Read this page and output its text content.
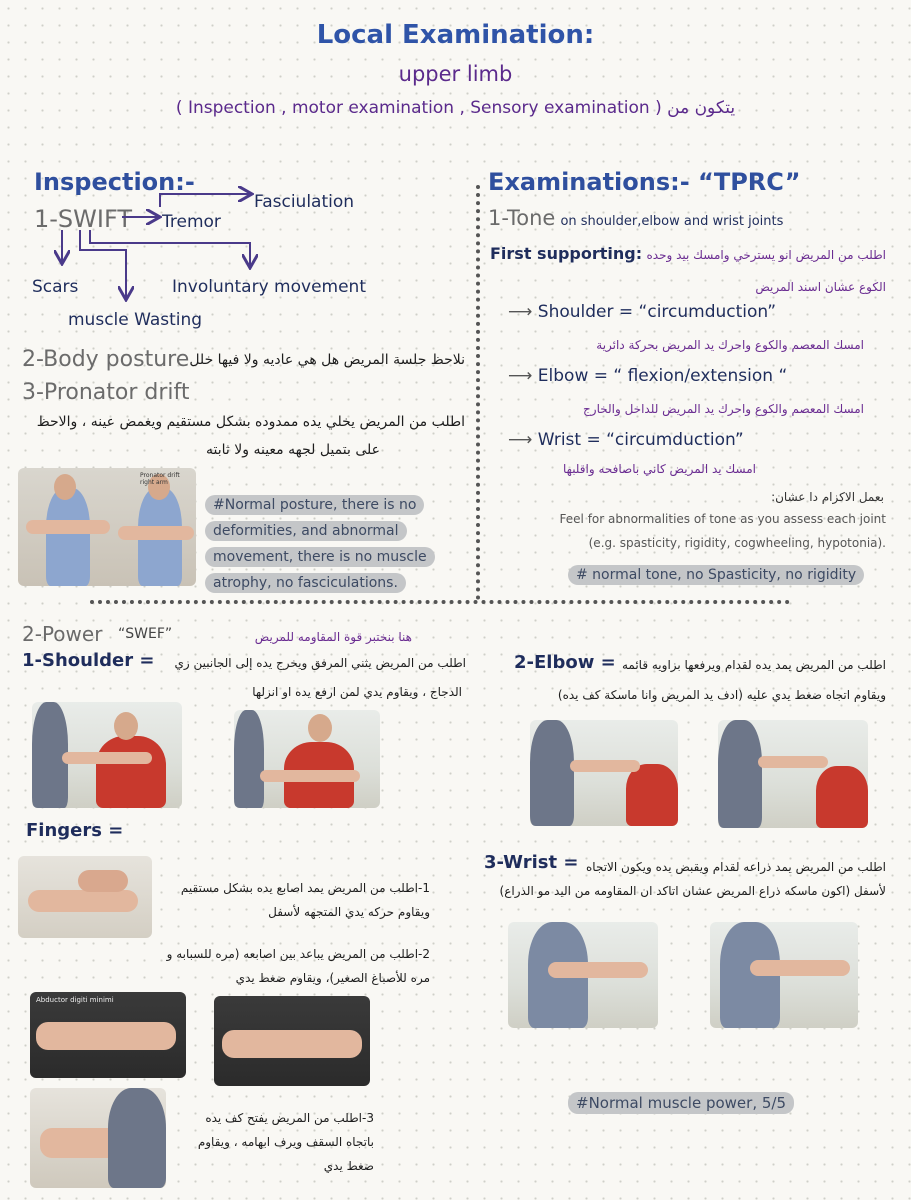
Local Examination:
upper limb
( Inspection , motor examination , Sensory examination ) يتكون من
Inspection:-
1-SWIFT
Fasciulation
Tremor
Scars	Involuntary movement
muscle Wasting
2-Body posture نلاحظ جلسة المريض هل هي عاديه ولا فيها خلل
3-Pronator drift
اطلب من المريض يخلي يده ممدوده بشكل مستقيم ويغمض عينه ، والاحظ
على بتميل لجهه معينه ولا ثابته
Pronator drift right arm
#Normal posture, there is no deformities, and abnormal movement, there is no muscle atrophy, no fasciculations.
Examinations:- “TPRC”
1-Tone on shoulder,elbow and wrist joints
First supporting: اطلب من المريض انو يسترخي وامسك بيد وحده
الكوع عشان اسند المريض
⟶ Shoulder = “circumduction”
امسك المعصم والكوع واحرك يد المريض بحركة دائرية
⟶ Elbow = “ flexion/extension “
امسك المعصم والكوع واحرك يد المريض للداخل والخارج
⟶ Wrist = “circumduction”
امسك يد المريض كاني باصافحه واقلبها
بعمل الاكزام دا عشان:
Feel for abnormalities of tone as you assess each joint
(e.g. spasticity, rigidity, cogwheeling, hypotonia).
# normal tone, no Spasticity, no rigidity
2-Power “SWEF”	هنا بنختبر قوة المقاومه للمريض
1-Shoulder =	اطلب من المريض يثني المرفق ويخرج يده إلى الجانبين زي
الدجاج ، ويقاوم يدي لمن ارفع يده او انزلها
Fingers =
1-اطلب من المريض يمد اصابع يده بشكل مستقيم ويقاوم حركه يدي المتجهه لأسفل
2-اطلب من المريض يباعد بين اصابعه (مره للسبابه و مره للأصباغ الصغير)، ويقاوم ضغط يدي
Abductor digiti minimi
3-اطلب من المريض يفتح كف يده باتجاه السقف ويرف ابهامه ، ويقاوم ضغط يدي
2-Elbow = اطلب من المريض يمد يده لقدام ويرفعها بزاويه قائمه
ويقاوم اتجاه ضغط يدي عليه (ادف يد المريض وانا ماسكة كف يده)
3-Wrist = اطلب من المريض يمد ذراعه لقدام ويقبض يده ويكون الاتجاه
لأسفل (اكون ماسكه ذراع المريض عشان اتاكد ان المقاومه من اليد مو الذراع)
#Normal muscle power, 5/5
